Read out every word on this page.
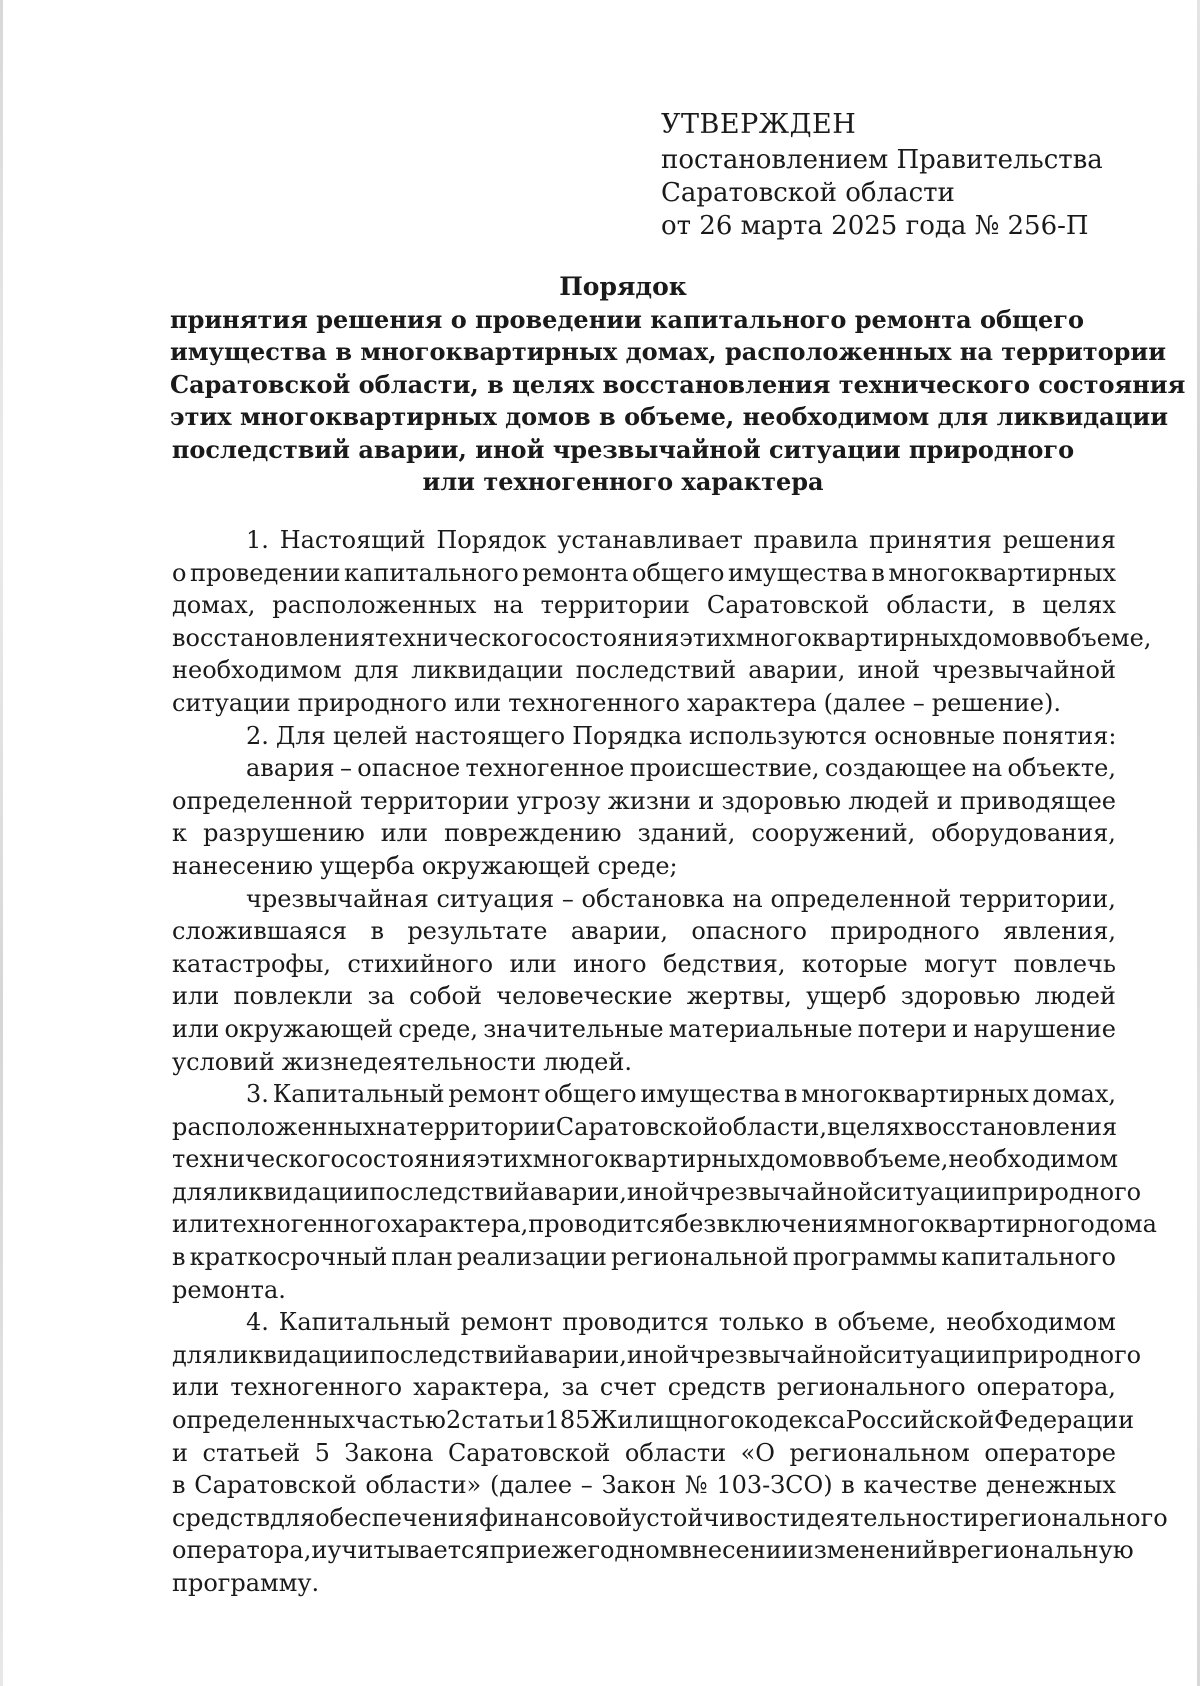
УТВЕРЖДЕН
постановлением Правительства
Саратовской области
от 26 марта 2025 года № 256-П
Порядок
принятия решения о проведении капитального ремонта общего
имущества в многоквартирных домах, расположенных на территории
Саратовской области, в целях восстановления технического состояния
этих многоквартирных домов в объеме, необходимом для ликвидации
последствий аварии, иной чрезвычайной ситуации природного
или техногенного характера
1. Настоящий Порядок устанавливает правила принятия решения
о проведении капитального ремонта общего имущества в многоквартирных
домах, расположенных на территории Саратовской области, в целях
восстановления технического состояния этих многоквартирных домов в объеме,
необходимом для ликвидации последствий аварии, иной чрезвычайной
ситуации природного или техногенного характера (далее – решение).
2. Для целей настоящего Порядка используются основные понятия:
авария – опасное техногенное происшествие, создающее на объекте,
определенной территории угрозу жизни и здоровью людей и приводящее
к разрушению или повреждению зданий, сооружений, оборудования,
нанесению ущерба окружающей среде;
чрезвычайная ситуация – обстановка на определенной территории,
сложившаяся в результате аварии, опасного природного явления,
катастрофы, стихийного или иного бедствия, которые могут повлечь
или повлекли за собой человеческие жертвы, ущерб здоровью людей
или окружающей среде, значительные материальные потери и нарушение
условий жизнедеятельности людей.
3. Капитальный ремонт общего имущества в многоквартирных домах,
расположенных на территории Саратовской области, в целях восстановления
технического состояния этих многоквартирных домов в объеме, необходимом
для ликвидации последствий аварии, иной чрезвычайной ситуации природного
или техногенного характера, проводится без включения многоквартирного дома
в краткосрочный план реализации региональной программы капитального
ремонта.
4. Капитальный ремонт проводится только в объеме, необходимом
для ликвидации последствий аварии, иной чрезвычайной ситуации природного
или техногенного характера, за счет средств регионального оператора,
определенных частью 2 статьи 185 Жилищного кодекса Российской Федерации
и статьей 5 Закона Саратовской области «О региональном операторе
в Саратовской области» (далее – Закон № 103-ЗСО) в качестве денежных
средств для обеспечения финансовой устойчивости деятельности регионального
оператора, и учитывается при ежегодном внесении изменений в региональную
программу.
